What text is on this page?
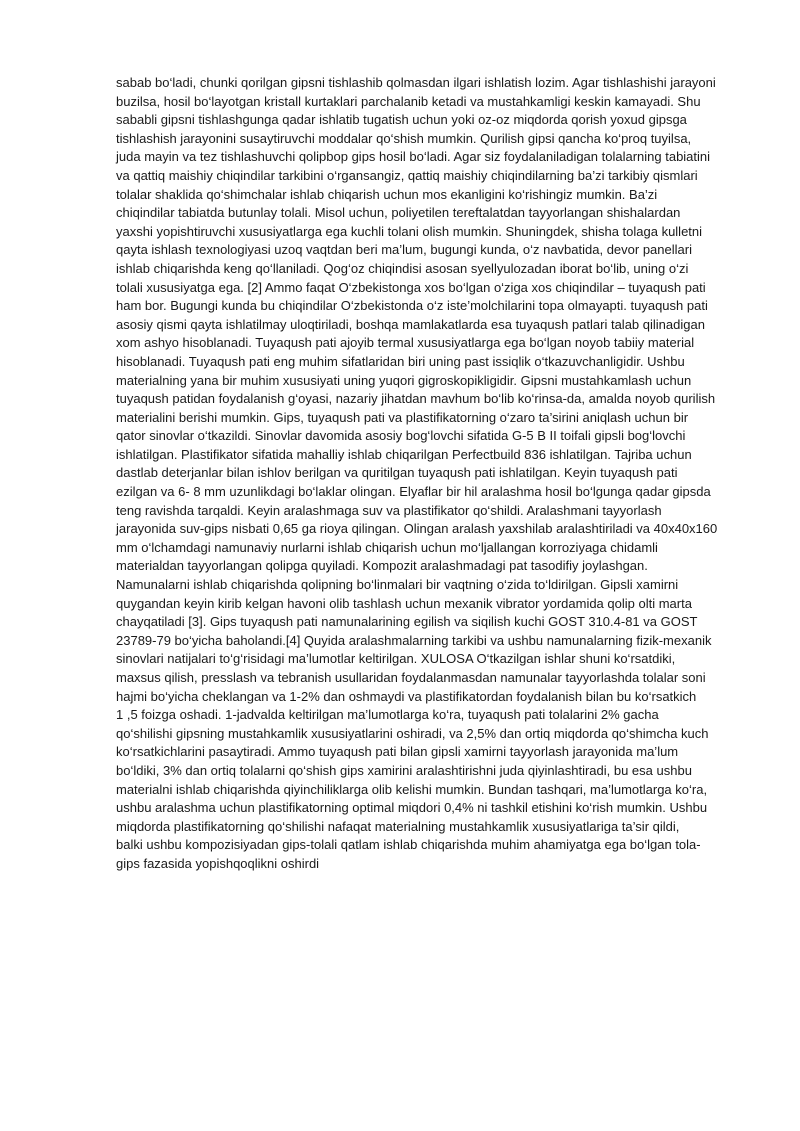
sabab bo‘ladi, chunki qorilgan gipsni tishlashib qolmasdan ilgari ishlatish lozim. Agar tishlashishi jarayoni
buzilsa, hosil bo‘layotgan kristall kurtaklari parchalanib ketadi va mustahkamligi keskin kamayadi. Shu
sababli gipsni tishlashgunga qadar ishlatib tugatish uchun yoki oz-oz miqdorda qorish yoxud gipsga
tishlashish jarayonini susaytiruvchi moddalar qo‘shish mumkin. Qurilish gipsi qancha ko‘proq tuyilsa,
juda mayin va tez tishlashuvchi qolipbop gips hosil bo‘ladi. Agar siz foydalaniladigan tolalarning tabiatini
va qattiq maishiy chiqindilar tarkibini o‘rgansangiz, qattiq maishiy chiqindilarning ba’zi tarkibiy qismlari
tolalar shaklida qo‘shimchalar ishlab chiqarish uchun mos ekanligini ko‘rishingiz mumkin. Ba’zi
chiqindilar tabiatda butunlay tolali. Misol uchun, poliyetilen tereftalatdan tayyorlangan shishalardan
yaxshi yopishtiruvchi xususiyatlarga ega kuchli tolani olish mumkin. Shuningdek, shisha tolaga kulletni
qayta ishlash texnologiyasi uzoq vaqtdan beri ma’lum, bugungi kunda, o‘z navbatida, devor panellari
ishlab chiqarishda keng qo‘llaniladi. Qog‘oz chiqindisi asosan syellyulozadan iborat bo‘lib, uning o‘zi
tolali xususiyatga ega. [2] Ammo faqat O‘zbekistonga xos bo‘lgan o‘ziga xos chiqindilar – tuyaqush pati
ham bor. Bugungi kunda bu chiqindilar O‘zbekistonda o‘z iste’molchilarini topa olmayapti. tuyaqush pati
asosiy qismi qayta ishlatilmay uloqtiriladi, boshqa mamlakatlarda esa tuyaqush patlari talab qilinadigan
xom ashyo hisoblanadi. Tuyaqush pati ajoyib termal xususiyatlarga ega bo‘lgan noyob tabiiy material
hisoblanadi. Tuyaqush pati eng muhim sifatlaridan biri uning past issiqlik o‘tkazuvchanligidir. Ushbu
materialning yana bir muhim xususiyati uning yuqori gigroskopikligidir. Gipsni mustahkamlash uchun
tuyaqush patidan foydalanish g‘oyasi, nazariy jihatdan mavhum bo‘lib ko‘rinsa-da, amalda noyob qurilish
materialini berishi mumkin. Gips, tuyaqush pati va plastifikatorning o‘zaro ta’sirini aniqlash uchun bir
qator sinovlar o‘tkazildi. Sinovlar davomida asosiy bog‘lovchi sifatida G-5 B II toifali gipsli bog‘lovchi
ishlatilgan. Plastifikator sifatida mahalliy ishlab chiqarilgan Perfectbuild 836 ishlatilgan. Tajriba uchun
dastlab deterjanlar bilan ishlov berilgan va quritilgan tuyaqush pati ishlatilgan. Keyin tuyaqush pati
ezilgan va 6- 8 mm uzunlikdagi bo‘laklar olingan. Elyaflar bir hil aralashma hosil bo‘lgunga qadar gipsda
teng ravishda tarqaldi. Keyin aralashmaga suv va plastifikator qo‘shildi. Aralashmani tayyorlash
jarayonida suv-gips nisbati 0,65 ga rioya qilingan. Olingan aralash yaxshilab aralashtiriladi va 40x40x160
mm o‘lchamdagi namunaviy nurlarni ishlab chiqarish uchun mo‘ljallangan korroziyaga chidamli
materialdan tayyorlangan qolipga quyiladi. Kompozit aralashmadagi pat tasodifiy joylashgan.
Namunalarni ishlab chiqarishda qolipning bo‘linmalari bir vaqtning o‘zida to‘ldirilgan. Gipsli xamirni
quygandan keyin kirib kelgan havoni olib tashlash uchun mexanik vibrator yordamida qolip olti marta
chayqatiladi [3]. Gips tuyaqush pati namunalarining egilish va siqilish kuchi GOST 310.4-81 va GOST
23789-79 bo‘yicha baholandi.[4] Quyida aralashmalarning tarkibi va ushbu namunalarning fizik-mexanik
sinovlari natijalari to‘g‘risidagi ma’lumotlar keltirilgan. XULOSA O‘tkazilgan ishlar shuni ko‘rsatdiki,
maxsus qilish, presslash va tebranish usullaridan foydalanmasdan namunalar tayyorlashda tolalar soni
hajmi bo‘yicha cheklangan va 1-2% dan oshmaydi va plastifikatordan foydalanish bilan bu ko‘rsatkich
1 ,5 foizga oshadi. 1-jadvalda keltirilgan ma’lumotlarga ko‘ra, tuyaqush pati tolalarini 2% gacha
qo‘shilishi gipsning mustahkamlik xususiyatlarini oshiradi, va 2,5% dan ortiq miqdorda qo‘shimcha kuch
ko‘rsatkichlarini pasaytiradi. Ammo tuyaqush pati bilan gipsli xamirni tayyorlash jarayonida ma’lum
bo‘ldiki, 3% dan ortiq tolalarni qo‘shish gips xamirini aralashtirishni juda qiyinlashtiradi, bu esa ushbu
materialni ishlab chiqarishda qiyinchiliklarga olib kelishi mumkin. Bundan tashqari, ma’lumotlarga ko‘ra,
ushbu aralashma uchun plastifikatorning optimal miqdori 0,4% ni tashkil etishini ko‘rish mumkin. Ushbu
miqdorda plastifikatorning qo‘shilishi nafaqat materialning mustahkamlik xususiyatlariga ta’sir qildi,
balki ushbu kompozisiyadan gips-tolali qatlam ishlab chiqarishda muhim ahamiyatga ega bo‘lgan tola-
gips fazasida yopishqoqlikni oshirdi
